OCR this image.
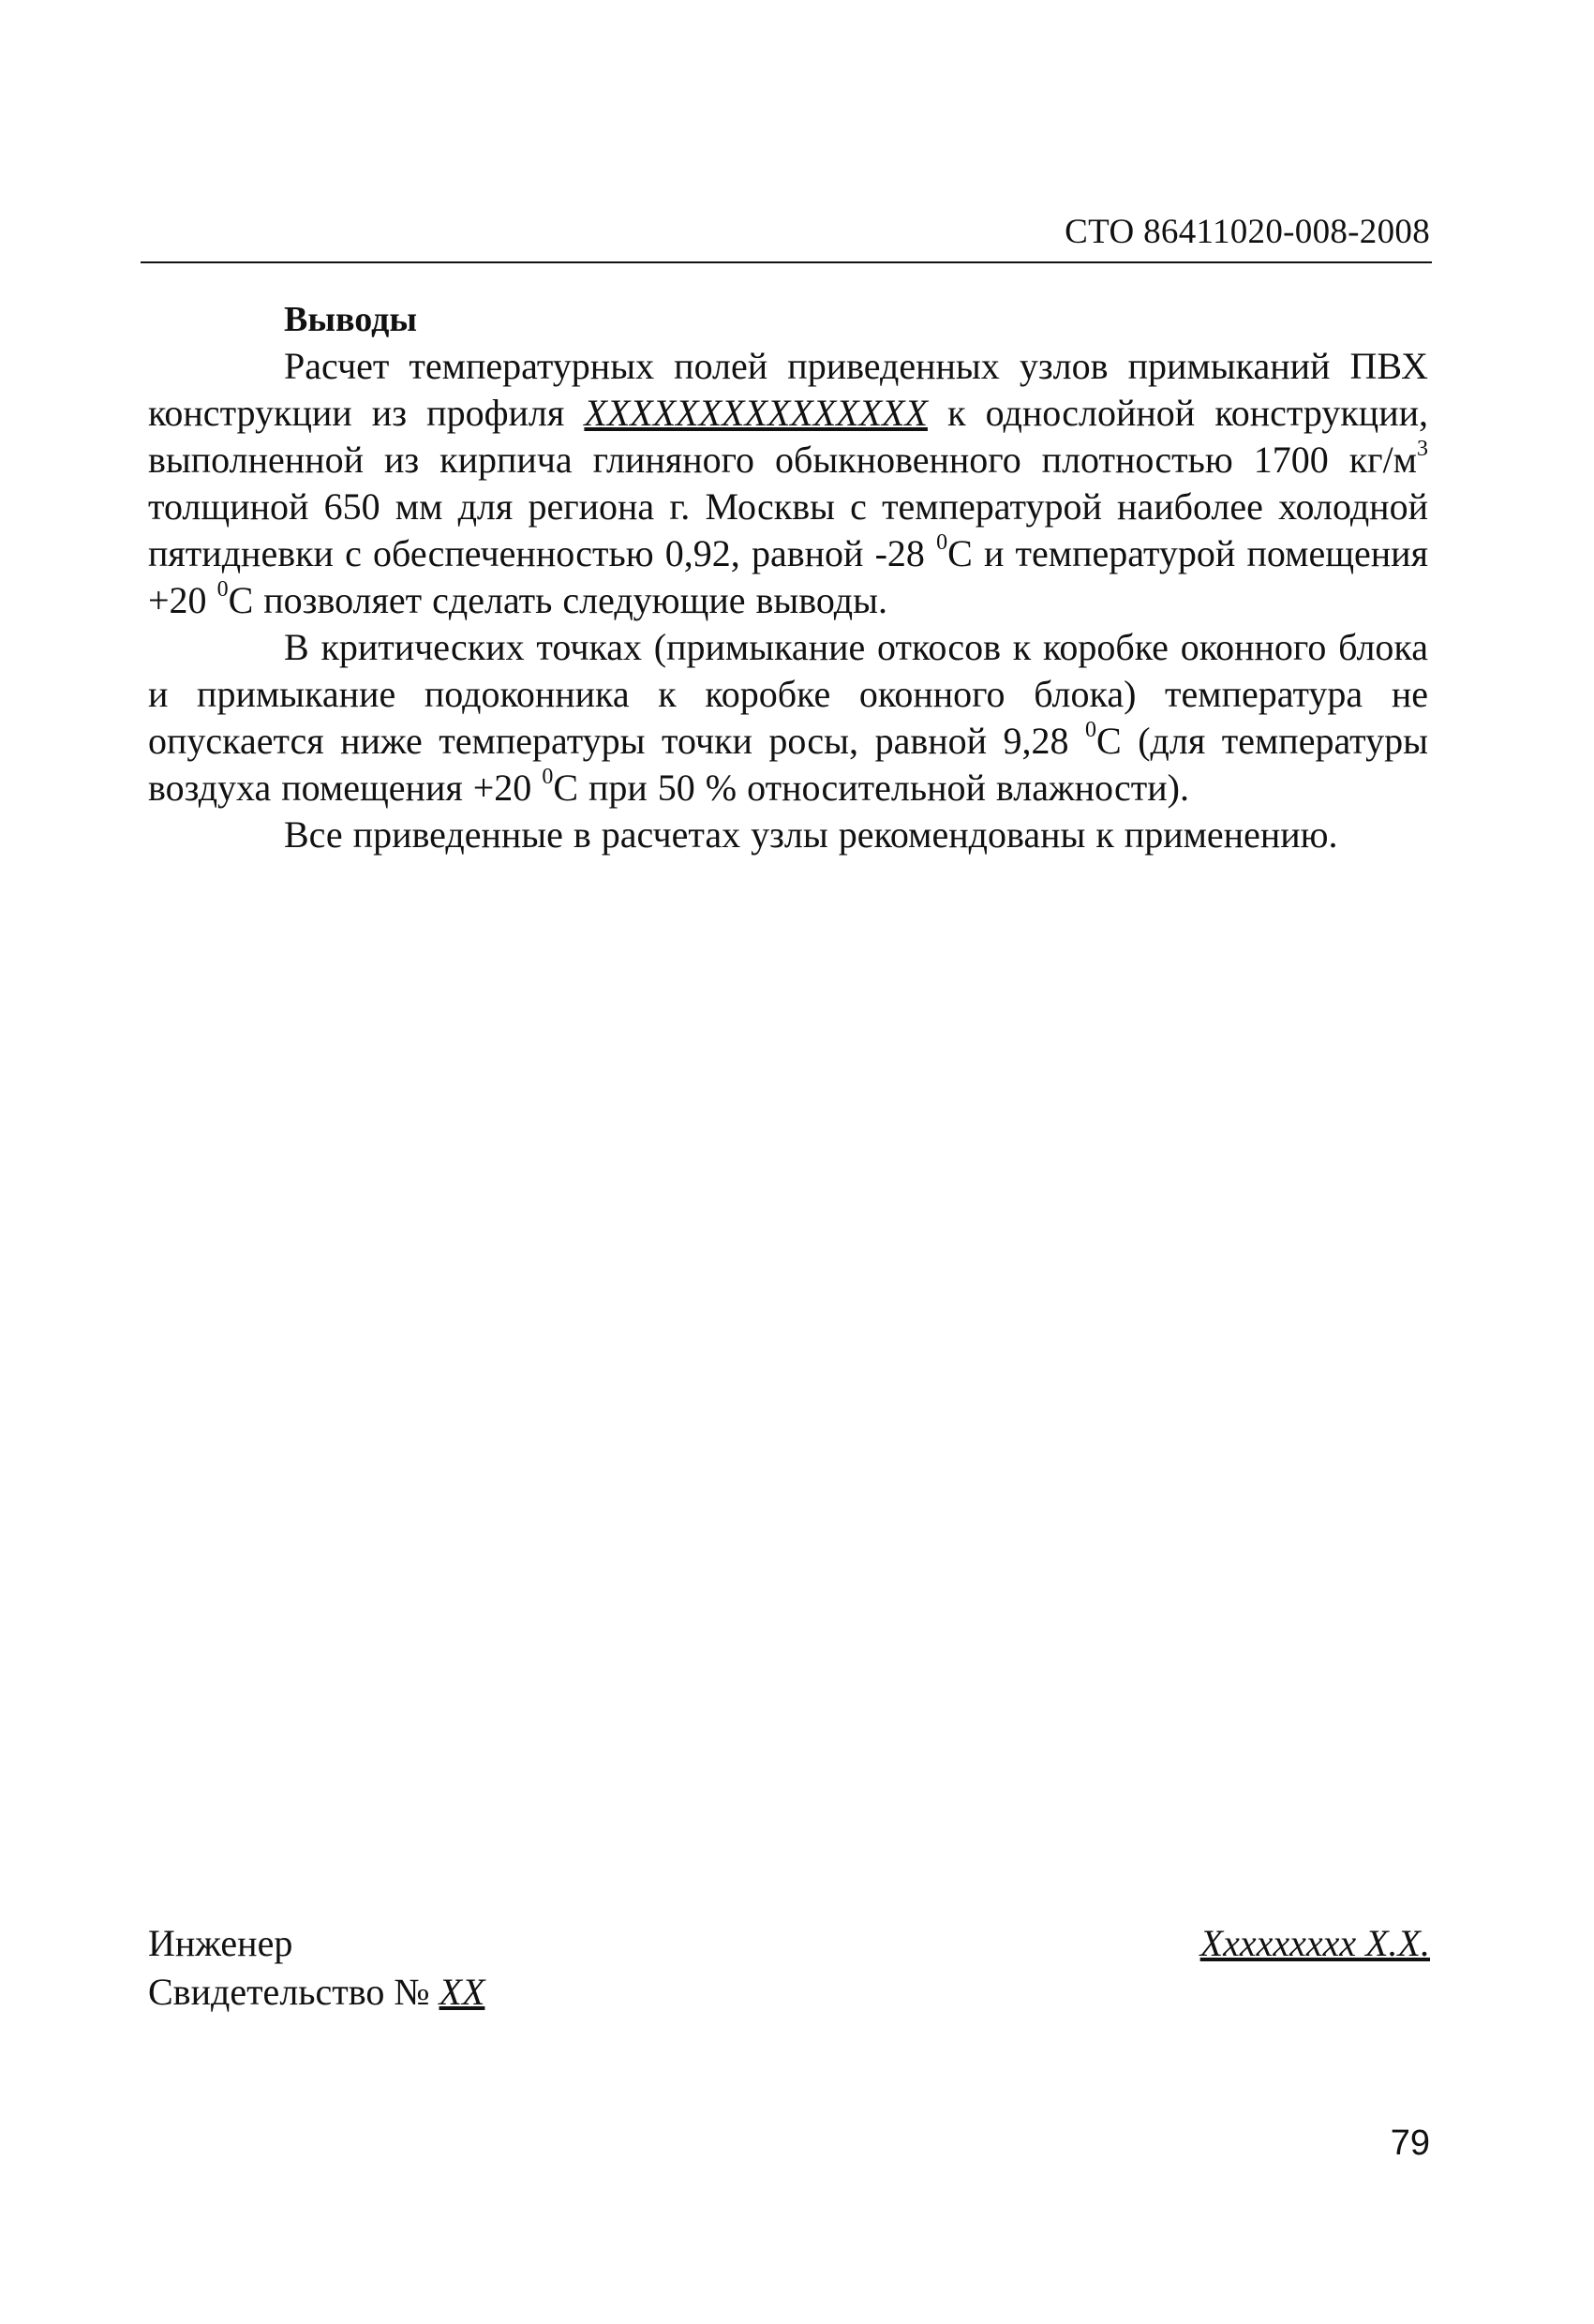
СТО 86411020-008-2008
Выводы

Расчет температурных полей приведенных узлов примыканий ПВХ конструкции из профиля XXXXXXXXXXXXXXX к однослойной конструкции, выполненной из кирпича глиняного обыкновенного плотностью 1700 $кг/м^3$ толщиной 650 мм для региона г. Москвы с температурой наиболее холодной пятидневки с обеспеченностью 0,92, равной -28 $^0$С и температурой помещения +20 $^0$С позволяет сделать следующие выводы.

В критических точках (примыкание откосов к коробке оконного блока и примыкание подоконника к коробке оконного блока) температура не опускается ниже температуры точки росы, равной 9,28 $^0$С (для температуры воздуха помещения +20 $^0$С при 50 % относительной влажности).

Все приведенные в расчетах узлы рекомендованы к применению.

Инженер
Свидетельство № XX
Xxxxxxxxx X.X.
79
